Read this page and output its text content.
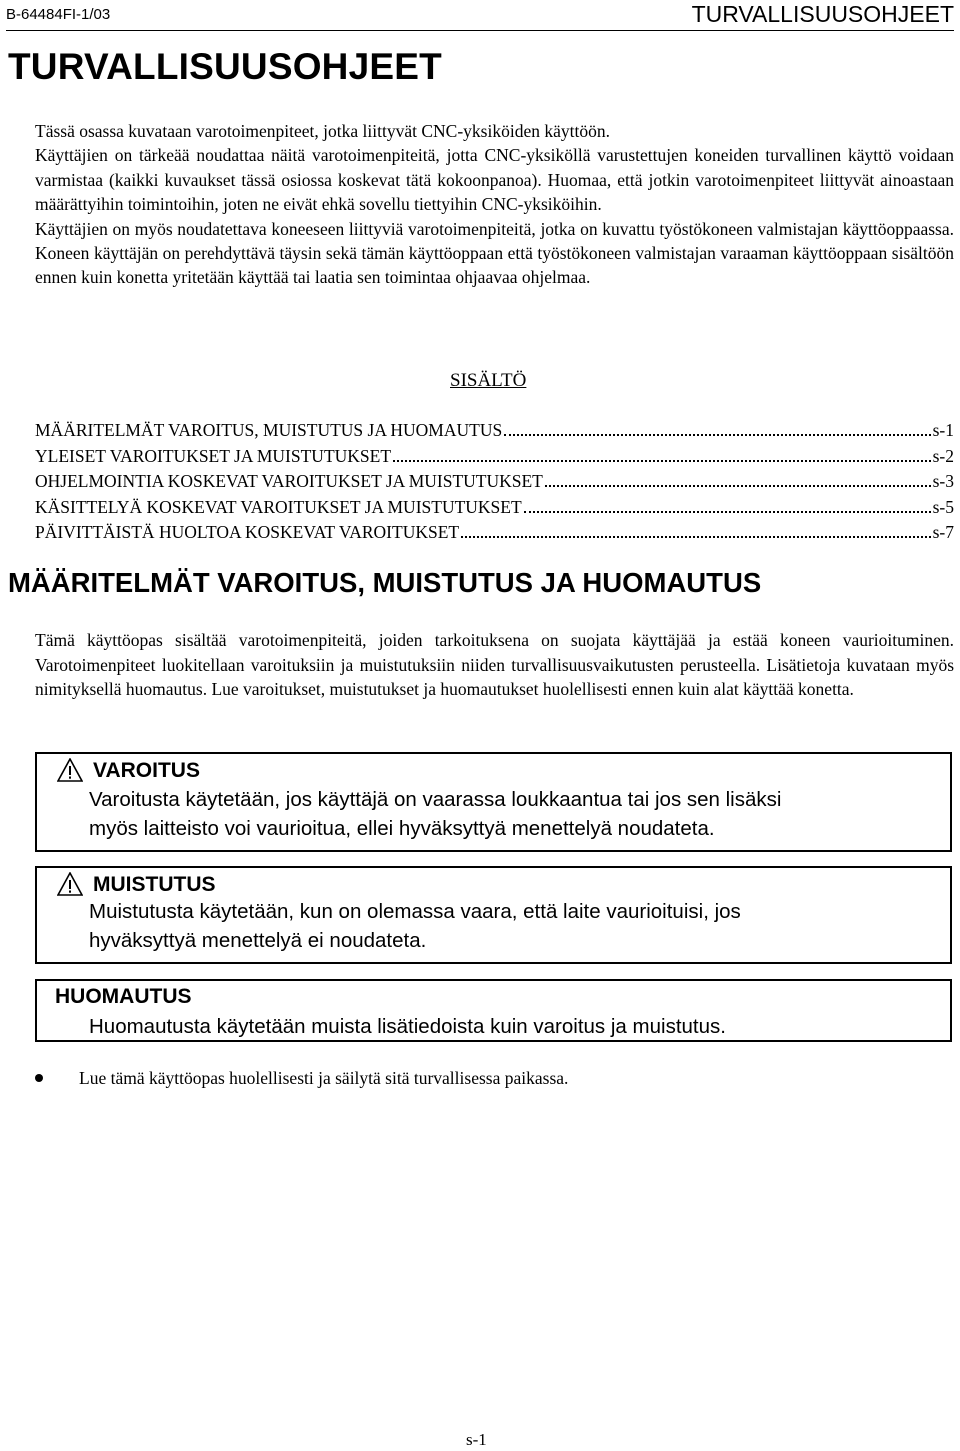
B-64484FI-1/03	TURVALLISUUSOHJEET
TURVALLISUUSOHJEET

Tässä osassa kuvataan varotoimenpiteet, jotka liittyvät CNC-yksiköiden käyttöön.

Käyttäjien on tärkeää noudattaa näitä varotoimenpiteitä, jotta CNC-yksiköllä varustettujen koneiden turvallinen käyttö voidaan varmistaa (kaikki kuvaukset tässä osiossa koskevat tätä kokoonpanoa). Huomaa, että jotkin varotoimenpiteet liittyvät ainoastaan määrättyihin toimintoihin, joten ne eivät ehkä sovellu tiettyihin CNC-yksiköihin.

Käyttäjien on myös noudatettava koneeseen liittyviä varotoimenpiteitä, jotka on kuvattu työstökoneen valmistajan käyttöoppaassa. Koneen käyttäjän on perehdyttävä täysin sekä tämän käyttöoppaan että työstökoneen valmistajan varaaman käyttöoppaan sisältöön ennen kuin konetta yritetään käyttää tai laatia sen toimintaa ohjaavaa ohjelmaa.

SISÄLTÖ
MÄÄRITELMÄT VAROITUS, MUISTUTUS JA HUOMAUTUS	s-1
YLEISET VAROITUKSET JA MUISTUTUKSET	s-2
OHJELMOINTIA KOSKEVAT VAROITUKSET JA MUISTUTUKSET	s-3
KÄSITTELYÄ KOSKEVAT VAROITUKSET JA MUISTUTUKSET	s-5
PÄIVITTÄISTÄ HUOLTOA KOSKEVAT VAROITUKSET	s-7
MÄÄRITELMÄT VAROITUS, MUISTUTUS JA HUOMAUTUS

Tämä käyttöopas sisältää varotoimenpiteitä, joiden tarkoituksena on suojata käyttäjää ja estää koneen vaurioituminen. Varotoimenpiteet luokitellaan varoituksiin ja muistutuksiin niiden turvallisuusvaikutusten perusteella. Lisätietoja kuvataan myös nimityksellä huomautus. Lue varoitukset, muistutukset ja huomautukset huolellisesti ennen kuin alat käyttää konetta.

VAROITUS
Varoitusta käytetään, jos käyttäjä on vaarassa loukkaantua tai jos sen lisäksi
myös laitteisto voi vaurioitua, ellei hyväksyttyä menettelyä noudateta.
MUISTUTUS
Muistutusta käytetään, kun on olemassa vaara, että laite vaurioituisi, jos
hyväksyttyä menettelyä ei noudateta.
HUOMAUTUS
Huomautusta käytetään muista lisätiedoista kuin varoitus ja muistutus.
Lue tämä käyttöopas huolellisesti ja säilytä sitä turvallisessa paikassa.
s-1
